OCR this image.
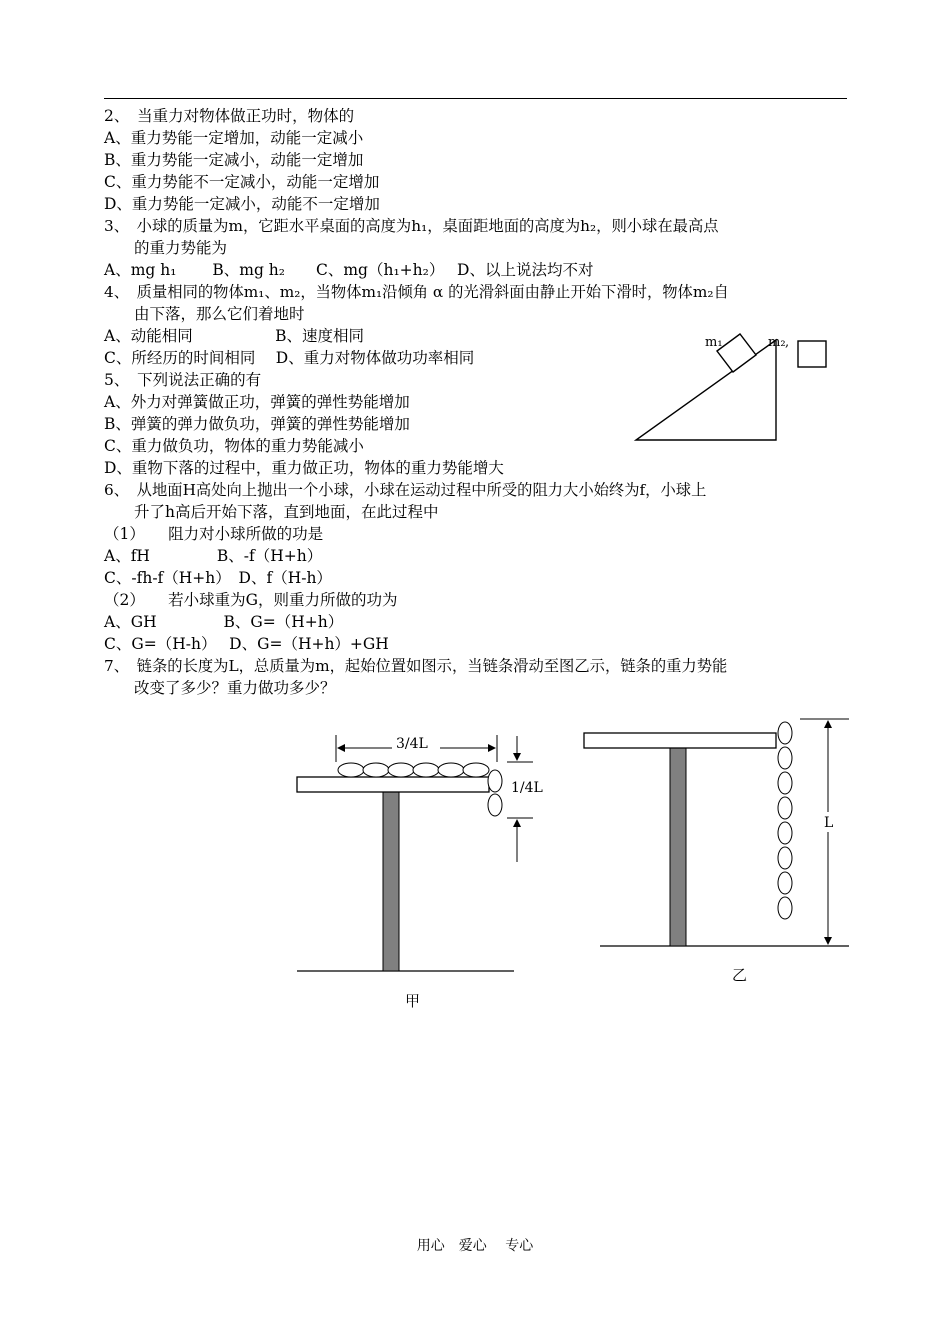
2、　当重力对物体做正功时，物体的
A、重力势能一定增加，动能一定减小
B、重力势能一定减小，动能一定增加
C、重力势能不一定减小，动能一定增加
D、重力势能一定减小，动能不一定增加
3、　小球的质量为m，它距水平桌面的高度为h₁，桌面距地面的高度为h₂，则小球在最高点
的重力势能为
A、mg h₁　　 B、mg h₂　　C、mg（h₁+h₂）　 D、以上说法均不对
4、　质量相同的物体m₁、m₂，当物体m₁沿倾角 α 的光滑斜面由静止开始下滑时，物体m₂自
由下落，那么它们着地时
A、动能相同　　　　　 B、速度相同
C、所经历的时间相同　 D、重力对物体做功功率相同
5、　下列说法正确的有
A、外力对弹簧做正功，弹簧的弹性势能增加
B、弹簧的弹力做负功，弹簧的弹性势能增加
C、重力做负功，物体的重力势能减小
D、重物下落的过程中，重力做正功，物体的重力势能增大
6、　从地面H高处向上抛出一个小球，小球在运动过程中所受的阻力大小始终为f，小球上
升了h高后开始下落，直到地面，在此过程中
（1）　　阻力对小球所做的功是
A、fH　　　　 B、-f（H+h）
C、-fh-f（H+h）　D、f（H-h）
（2）　　若小球重为G，则重力所做的功为
A、GH　　　　 B、G=（H+h）
C、G=（H-h）　 D、G=（H+h）+GH
7、　链条的长度为L，总质量为m，起始位置如图示，当链条滑动至图乙示，链条的重力势能
改变了多少？重力做功多少？
m₁	m₂ ,
3/4L
1/4L
甲
L
乙
用心　爱心　 专心
